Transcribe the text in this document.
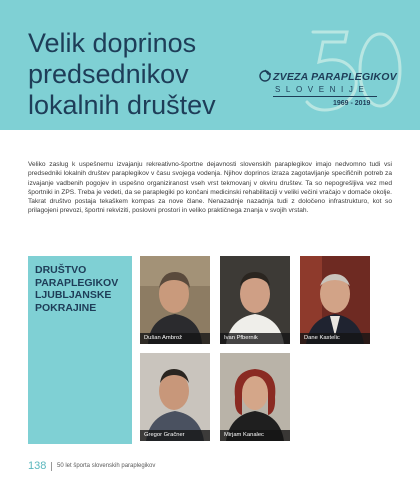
Velik doprinos
predsednikov
lokalnih društev
ZVEZA PARAPLEGIKOV
SLOVENIJE
1969 - 2019
Veliko zaslug k uspešnemu izvajanju rekreativno-športne dejavnosti slovenskih paraplegikov imajo nedvomno tudi vsi predsedniki lokalnih društev paraplegikov v času svojega vodenja. Njihov doprinos izraza zagotavljanje specifičnih potreb za izvajanje vadbenih pogojev in uspešno organiziranost vseh vrst tekmovanj v okviru društev. Ta so nepogrešljiva vez med športniki in ZPS. Treba je vedeti, da se paraplegiki po končani medicinski rehabilitaciji v veliki večini vračajo v domače okolje. Takrat društvo postaja tekaškem kompas za nove člane. Nenazadnje nazadnja tudi z določeno infrastrukturo, kot so prilagojeni prevozi, športni rekviziti, poslovni prostori in veliko praktičnega znanja v svojih vrstah.
DRUŠTVO
PARAPLEGIKOV
LJUBLJANSKE
POKRAJINE
Dušan Ambrož	Ivan Pfbernik	Dane Kastelic
Gregor Gračner	Mirjam Kanalec
138 50 let športa slovenskih paraplegikov
